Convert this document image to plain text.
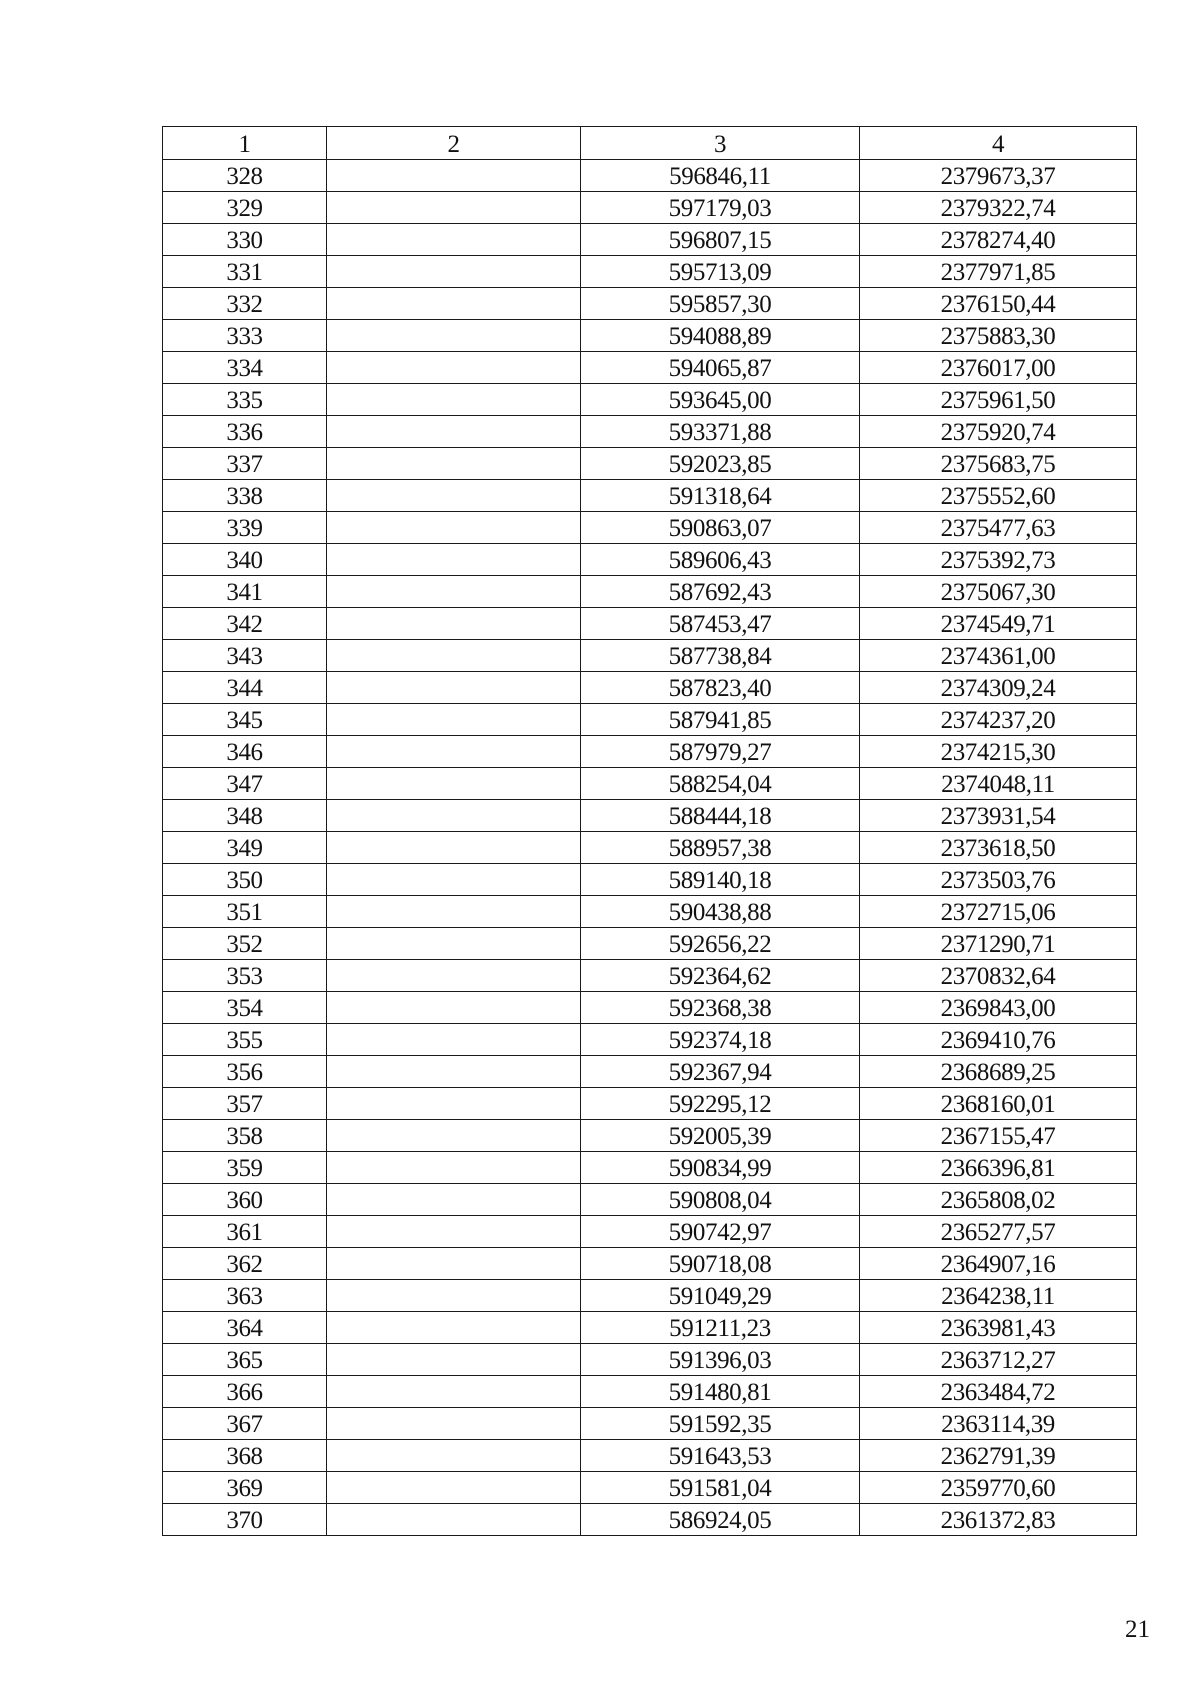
1	2	3	4
328		596846,11	2379673,37
329		597179,03	2379322,74
330		596807,15	2378274,40
331		595713,09	2377971,85
332		595857,30	2376150,44
333		594088,89	2375883,30
334		594065,87	2376017,00
335		593645,00	2375961,50
336		593371,88	2375920,74
337		592023,85	2375683,75
338		591318,64	2375552,60
339		590863,07	2375477,63
340		589606,43	2375392,73
341		587692,43	2375067,30
342		587453,47	2374549,71
343		587738,84	2374361,00
344		587823,40	2374309,24
345		587941,85	2374237,20
346		587979,27	2374215,30
347		588254,04	2374048,11
348		588444,18	2373931,54
349		588957,38	2373618,50
350		589140,18	2373503,76
351		590438,88	2372715,06
352		592656,22	2371290,71
353		592364,62	2370832,64
354		592368,38	2369843,00
355		592374,18	2369410,76
356		592367,94	2368689,25
357		592295,12	2368160,01
358		592005,39	2367155,47
359		590834,99	2366396,81
360		590808,04	2365808,02
361		590742,97	2365277,57
362		590718,08	2364907,16
363		591049,29	2364238,11
364		591211,23	2363981,43
365		591396,03	2363712,27
366		591480,81	2363484,72
367		591592,35	2363114,39
368		591643,53	2362791,39
369		591581,04	2359770,60
370		586924,05	2361372,83
21
